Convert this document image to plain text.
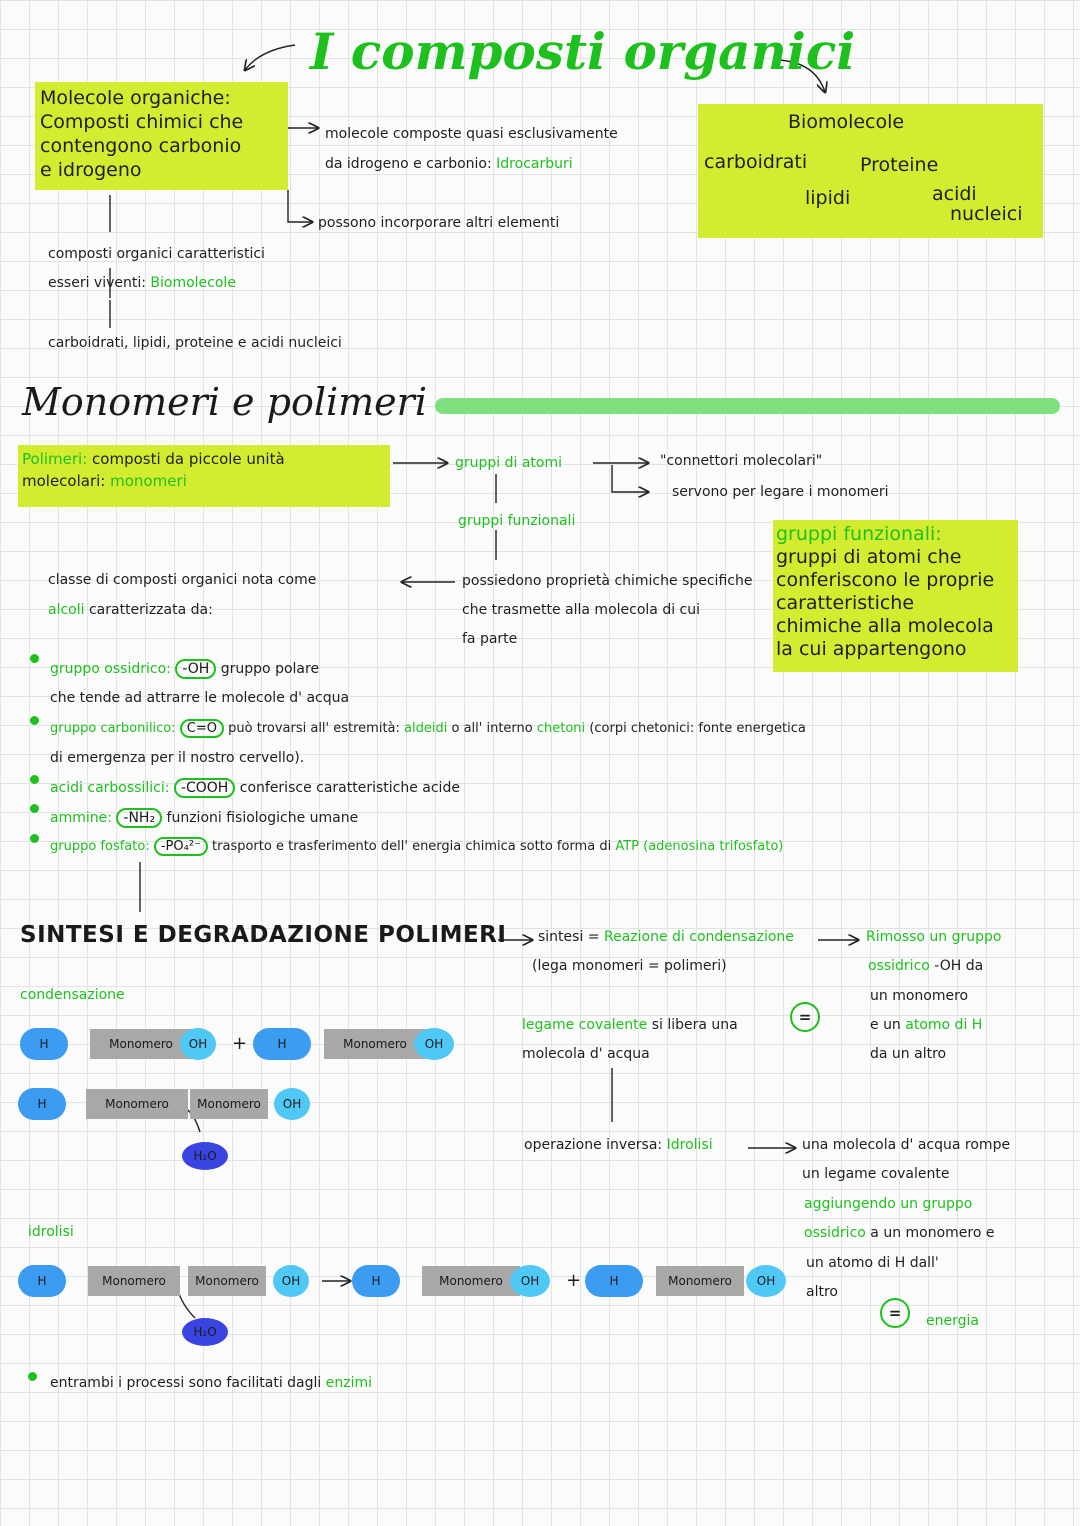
I composti organici
Molecole organiche:
Composti chimici che
contengono carbonio
e idrogeno
molecole composte quasi esclusivamente
da idrogeno e carbonio: Idrocarburi
possono incorporare altri elementi
composti organici caratteristici
esseri viventi: Biomolecole
carboidrati, lipidi, proteine e acidi nucleici
Biomolecole
carboidrati
lipidi
Proteine
acidi
nucleici
Monomeri e polimeri
Polimeri: composti da piccole unità
molecolari: monomeri
gruppi di atomi	"connettori molecolari"
servono per legare i monomeri
gruppi funzionali
possiedono proprietà chimiche specifiche
che trasmette alla molecola di cui
fa parte
classe di composti organici nota come
alcoli caratterizzata da:
gruppi funzionali:
gruppi di atomi che
conferiscono le proprie
caratteristiche
chimiche alla molecola
la cui appartengono
gruppo ossidrico: -OH gruppo polare
che tende ad attrarre le molecole d' acqua
gruppo carbonilico: C=O può trovarsi all' estremità: aldeidi o all' interno chetoni (corpi chetonici: fonte energetica
di emergenza per il nostro cervello).
acidi carbossilici: -COOH conferisce caratteristiche acide
ammine: -NH₂ funzioni fisiologiche umane
gruppo fosfato: -PO₄²⁻ trasporto e trasferimento dell' energia chimica sotto forma di ATP (adenosina trifosfato)
SINTESI E DEGRADAZIONE POLIMERI sintesi = Reazione di condensazione
(lega monomeri = polimeri)
Rimosso un gruppo
ossidrico -OH da
un monomero
e un atomo di H
da un altro
condensazione
legame covalente si libera una	=
molecola d' acqua
operazione inversa: Idrolisi	una molecola d' acqua rompe
un legame covalente
aggiungendo un gruppo
ossidrico a un monomero e
un atomo di H dall'
altro
=	energia
idrolisi
H	Monomero	OH	+	H	Monomero	OH
H	Monomero	Monomero	OH
H₂O
H	Monomero	Monomero	OH
H₂O
H	Monomero	OH	+	H	Monomero	OH
entrambi i processi sono facilitati dagli enzimi
